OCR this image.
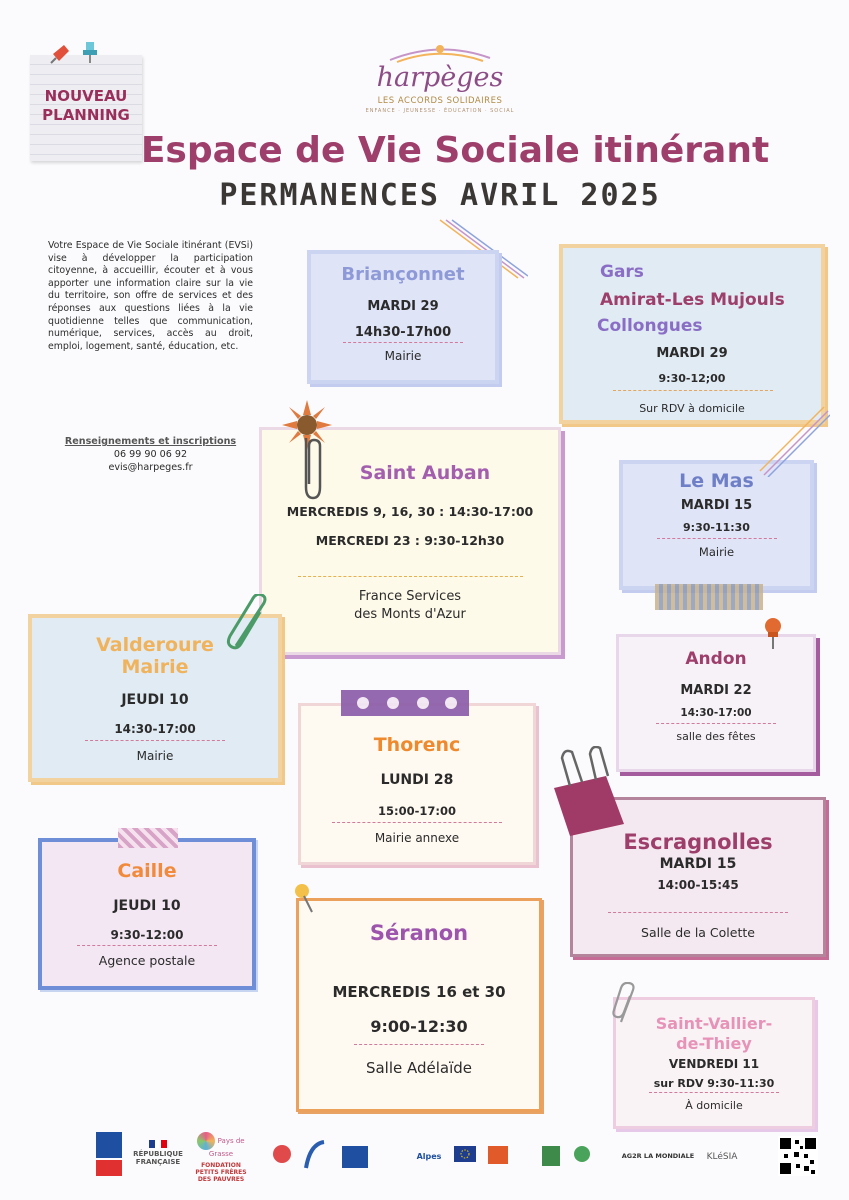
NOUVEAU
PLANNING
harpèges
LES ACCORDS SOLIDAIRES
ENFANCE · JEUNESSE · ÉDUCATION · SOCIAL
Espace de Vie Sociale itinérant
PERMANENCES AVRIL 2025
Votre Espace de Vie Sociale itinérant (EVSi) vise à développer la participation citoyenne, à accueillir, écouter et à vous apporter une information claire sur la vie du territoire, son offre de services et des réponses aux questions liées à la vie quotidienne telles que communication, numérique, services, accès au droit, emploi, logement, santé, éducation, etc.
Renseignements et inscriptions
06 99 90 06 92
evis@harpeges.fr
Briançonnet
MARDI 29
14h30-17h00
Mairie
Gars
Amirat-Les Mujouls
Collongues
MARDI 29
9:30-12;00
Sur RDV à domicile
Saint Auban
MERCREDIS 9, 16, 30 : 14:30-17:00
MERCREDI 23 : 9:30-12h30
France Services
des Monts d'Azur
Le Mas
MARDI 15
9:30-11:30
Mairie
Valderoure
Mairie
JEUDI 10
14:30-17:00
Mairie
Andon
MARDI 22
14:30-17:00
salle des fêtes
Thorenc
LUNDI 28
15:00-17:00
Mairie annexe	Escragnolles
MARDI 15
14:00-15:45
Salle de la Colette
Caille
JEUDI 10
9:30-12:00
Agence postale
Séranon
MERCREDIS 16 et 30
9:00-12:30
Salle Adélaïde
Saint-Vallier-
de-Thiey
VENDREDI 11
sur RDV 9:30-11:30
À domicile
RÉPUBLIQUE
FRANÇAISE
Pays de Grasse
FONDATION
PETITS FRÈRES
DES PAUVRES
Alpes	AG2R LA MONDIALE	KLéSIA
